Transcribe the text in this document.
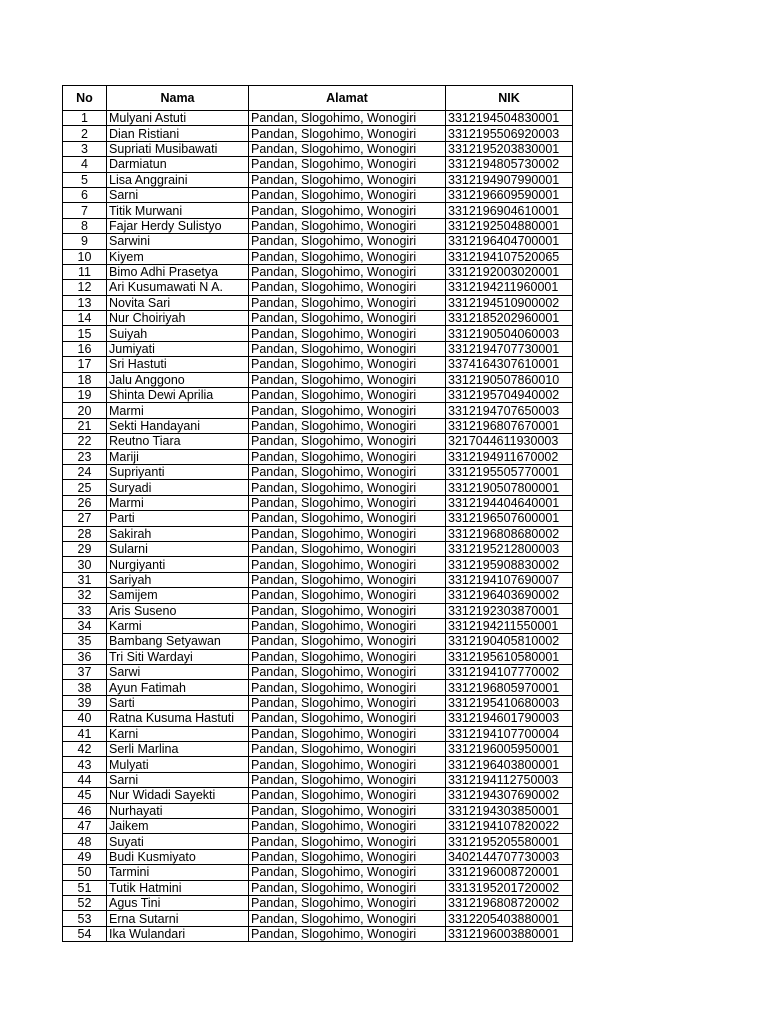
No	Nama	Alamat	NIK
1	Mulyani Astuti	Pandan, Slogohimo, Wonogiri	3312194504830001
2	Dian Ristiani	Pandan, Slogohimo, Wonogiri	3312195506920003
3	Supriati Musibawati	Pandan, Slogohimo, Wonogiri	3312195203830001
4	Darmiatun	Pandan, Slogohimo, Wonogiri	3312194805730002
5	Lisa Anggraini	Pandan, Slogohimo, Wonogiri	3312194907990001
6	Sarni	Pandan, Slogohimo, Wonogiri	3312196609590001
7	Titik Murwani	Pandan, Slogohimo, Wonogiri	3312196904610001
8	Fajar Herdy Sulistyo	Pandan, Slogohimo, Wonogiri	3312192504880001
9	Sarwini	Pandan, Slogohimo, Wonogiri	3312196404700001
10	Kiyem	Pandan, Slogohimo, Wonogiri	3312194107520065
11	Bimo Adhi Prasetya	Pandan, Slogohimo, Wonogiri	3312192003020001
12	Ari Kusumawati N A.	Pandan, Slogohimo, Wonogiri	3312194211960001
13	Novita Sari	Pandan, Slogohimo, Wonogiri	3312194510900002
14	Nur Choiriyah	Pandan, Slogohimo, Wonogiri	3312185202960001
15	Suiyah	Pandan, Slogohimo, Wonogiri	3312190504060003
16	Jumiyati	Pandan, Slogohimo, Wonogiri	3312194707730001
17	Sri Hastuti	Pandan, Slogohimo, Wonogiri	3374164307610001
18	Jalu Anggono	Pandan, Slogohimo, Wonogiri	3312190507860010
19	Shinta Dewi Aprilia	Pandan, Slogohimo, Wonogiri	3312195704940002
20	Marmi	Pandan, Slogohimo, Wonogiri	3312194707650003
21	Sekti Handayani	Pandan, Slogohimo, Wonogiri	3312196807670001
22	Reutno Tiara	Pandan, Slogohimo, Wonogiri	3217044611930003
23	Mariji	Pandan, Slogohimo, Wonogiri	3312194911670002
24	Supriyanti	Pandan, Slogohimo, Wonogiri	3312195505770001
25	Suryadi	Pandan, Slogohimo, Wonogiri	3312190507800001
26	Marmi	Pandan, Slogohimo, Wonogiri	3312194404640001
27	Parti	Pandan, Slogohimo, Wonogiri	3312196507600001
28	Sakirah	Pandan, Slogohimo, Wonogiri	3312196808680002
29	Sularni	Pandan, Slogohimo, Wonogiri	3312195212800003
30	Nurgiyanti	Pandan, Slogohimo, Wonogiri	3312195908830002
31	Sariyah	Pandan, Slogohimo, Wonogiri	3312194107690007
32	Samijem	Pandan, Slogohimo, Wonogiri	3312196403690002
33	Aris Suseno	Pandan, Slogohimo, Wonogiri	3312192303870001
34	Karmi	Pandan, Slogohimo, Wonogiri	3312194211550001
35	Bambang Setyawan	Pandan, Slogohimo, Wonogiri	3312190405810002
36	Tri Siti Wardayi	Pandan, Slogohimo, Wonogiri	3312195610580001
37	Sarwi	Pandan, Slogohimo, Wonogiri	3312194107770002
38	Ayun Fatimah	Pandan, Slogohimo, Wonogiri	3312196805970001
39	Sarti	Pandan, Slogohimo, Wonogiri	3312195410680003
40	Ratna Kusuma Hastuti	Pandan, Slogohimo, Wonogiri	3312194601790003
41	Karni	Pandan, Slogohimo, Wonogiri	3312194107700004
42	Serli Marlina	Pandan, Slogohimo, Wonogiri	3312196005950001
43	Mulyati	Pandan, Slogohimo, Wonogiri	3312196403800001
44	Sarni	Pandan, Slogohimo, Wonogiri	3312194112750003
45	Nur Widadi Sayekti	Pandan, Slogohimo, Wonogiri	3312194307690002
46	Nurhayati	Pandan, Slogohimo, Wonogiri	3312194303850001
47	Jaikem	Pandan, Slogohimo, Wonogiri	3312194107820022
48	Suyati	Pandan, Slogohimo, Wonogiri	3312195205580001
49	Budi Kusmiyato	Pandan, Slogohimo, Wonogiri	3402144707730003
50	Tarmini	Pandan, Slogohimo, Wonogiri	3312196008720001
51	Tutik Hatmini	Pandan, Slogohimo, Wonogiri	3313195201720002
52	Agus Tini	Pandan, Slogohimo, Wonogiri	3312196808720002
53	Erna Sutarni	Pandan, Slogohimo, Wonogiri	3312205403880001
54	Ika Wulandari	Pandan, Slogohimo, Wonogiri	3312196003880001
